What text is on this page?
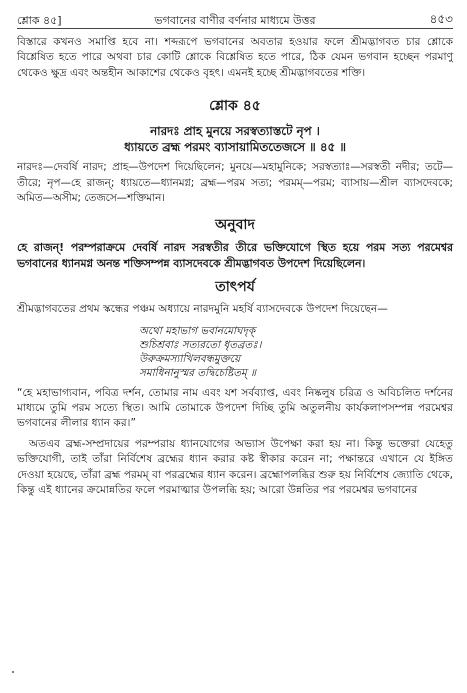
শ্লোক ৪৫]	ভগবানের বাণীর বর্ণনার মাধ্যমে উত্তর	৪৫৩

বিস্তারে কখনও সমাপ্তি হবে না। শব্দরূপে ভগবানের অবতার হওয়ার ফলে শ্রীমদ্ভাগবত চার শ্লোকে বিশ্লেষিত হতে পারে অথবা চার কোটি শ্লোকে বিশ্লেষিত হতে পারে, ঠিক যেমন ভগবান হচ্ছেন পরমাণু থেকেও ক্ষুদ্র এবং অন্তহীন আকাশের থেকেও বৃহৎ। এমনই হচ্ছে শ্রীমদ্ভাগবতের শক্তি।

শ্লোক ৪৫

নারদঃ প্রাহ মুনয়ে সরস্বত্যাস্তটে নৃপ ।

ধ্যায়তে ব্রহ্ম পরমং ব্যাসায়ামিততেজসে ॥ ৪৫ ॥

নারদঃ—দেবর্ষি নারদ; প্রাহ—উপদেশ দিয়েছিলেন; মুনয়ে—মহামুনিকে; সরস্বত্যাঃ—সরস্বতী নদীর; তটে—তীরে; নৃপ—হে রাজন্; ধ্যায়তে—ধ্যানমগ্ন; ব্রহ্ম—পরম সত্য; পরমম্—পরম; ব্যাসায়—শ্রীল ব্যাসদেবকে; অমিত—অসীম; তেজসে—শক্তিমান।

অনুবাদ

হে রাজন্! পরম্পরাক্রমে দেবর্ষি নারদ সরস্বতীর তীরে ভক্তিযোগে স্থিত হয়ে পরম সত্য পরমেশ্বর ভগবানের ধ্যানমগ্ন অনন্ত শক্তিসম্পন্ন ব্যাসদেবকে শ্রীমদ্ভাগবত উপদেশ দিয়েছিলেন।

তাৎপর্য

শ্রীমদ্ভাগবতের প্রথম স্কন্ধের পঞ্চম অধ্যায়ে নারদমুনি মহর্ষি ব্যাসদেবকে উপদেশ দিয়েছেন—

অথো মহাভাগ ভবানমোঘদৃক্

শুচিশ্রবাঃ সত্যরতো ধৃতব্রতঃ।

উরুক্রমস্যাখিলবন্ধমুক্তয়ে

সমাধিনানুস্মর তদ্বিচেষ্টিতম্ ॥

“হে মহাভাগ্যবান, পবিত্র দর্শন, তোমার নাম এবং যশ সর্বব্যাপ্ত, এবং নিষ্কলুষ চরিত্র ও অবিচলিত দর্শনের মাধ্যমে তুমি পরম সত্যে স্থিত। আমি তোমাকে উপদেশ দিচ্ছি তুমি অতুলনীয় কার্যকলাপসম্পন্ন পরমেশ্বর ভগবানের লীলার ধ্যান কর।”

অতএব ব্রহ্ম-সম্প্রদায়ের পরম্পরায় ধ্যানযোগের অভ্যাস উপেক্ষা করা হয় না। কিন্তু ভক্তেরা যেহেতু ভক্তিযোগী, তাই তাঁরা নির্বিশেষ ব্রহ্মের ধ্যান করার কষ্ট স্বীকার করেন না; পক্ষান্তরে এখানে যে ইঙ্গিত দেওয়া হয়েছে, তাঁরা ব্রহ্ম পরমম্ বা পরব্রহ্মের ধ্যান করেন। ব্রহ্মোপলব্ধির শুরু হয় নির্বিশেষ জ্যোতি থেকে, কিন্তু এই ধ্যানের ক্রমোন্নতির ফলে পরমাত্মার উপলব্ধি হয়; আরো উন্নতির পর পরমেশ্বর ভগবানের
